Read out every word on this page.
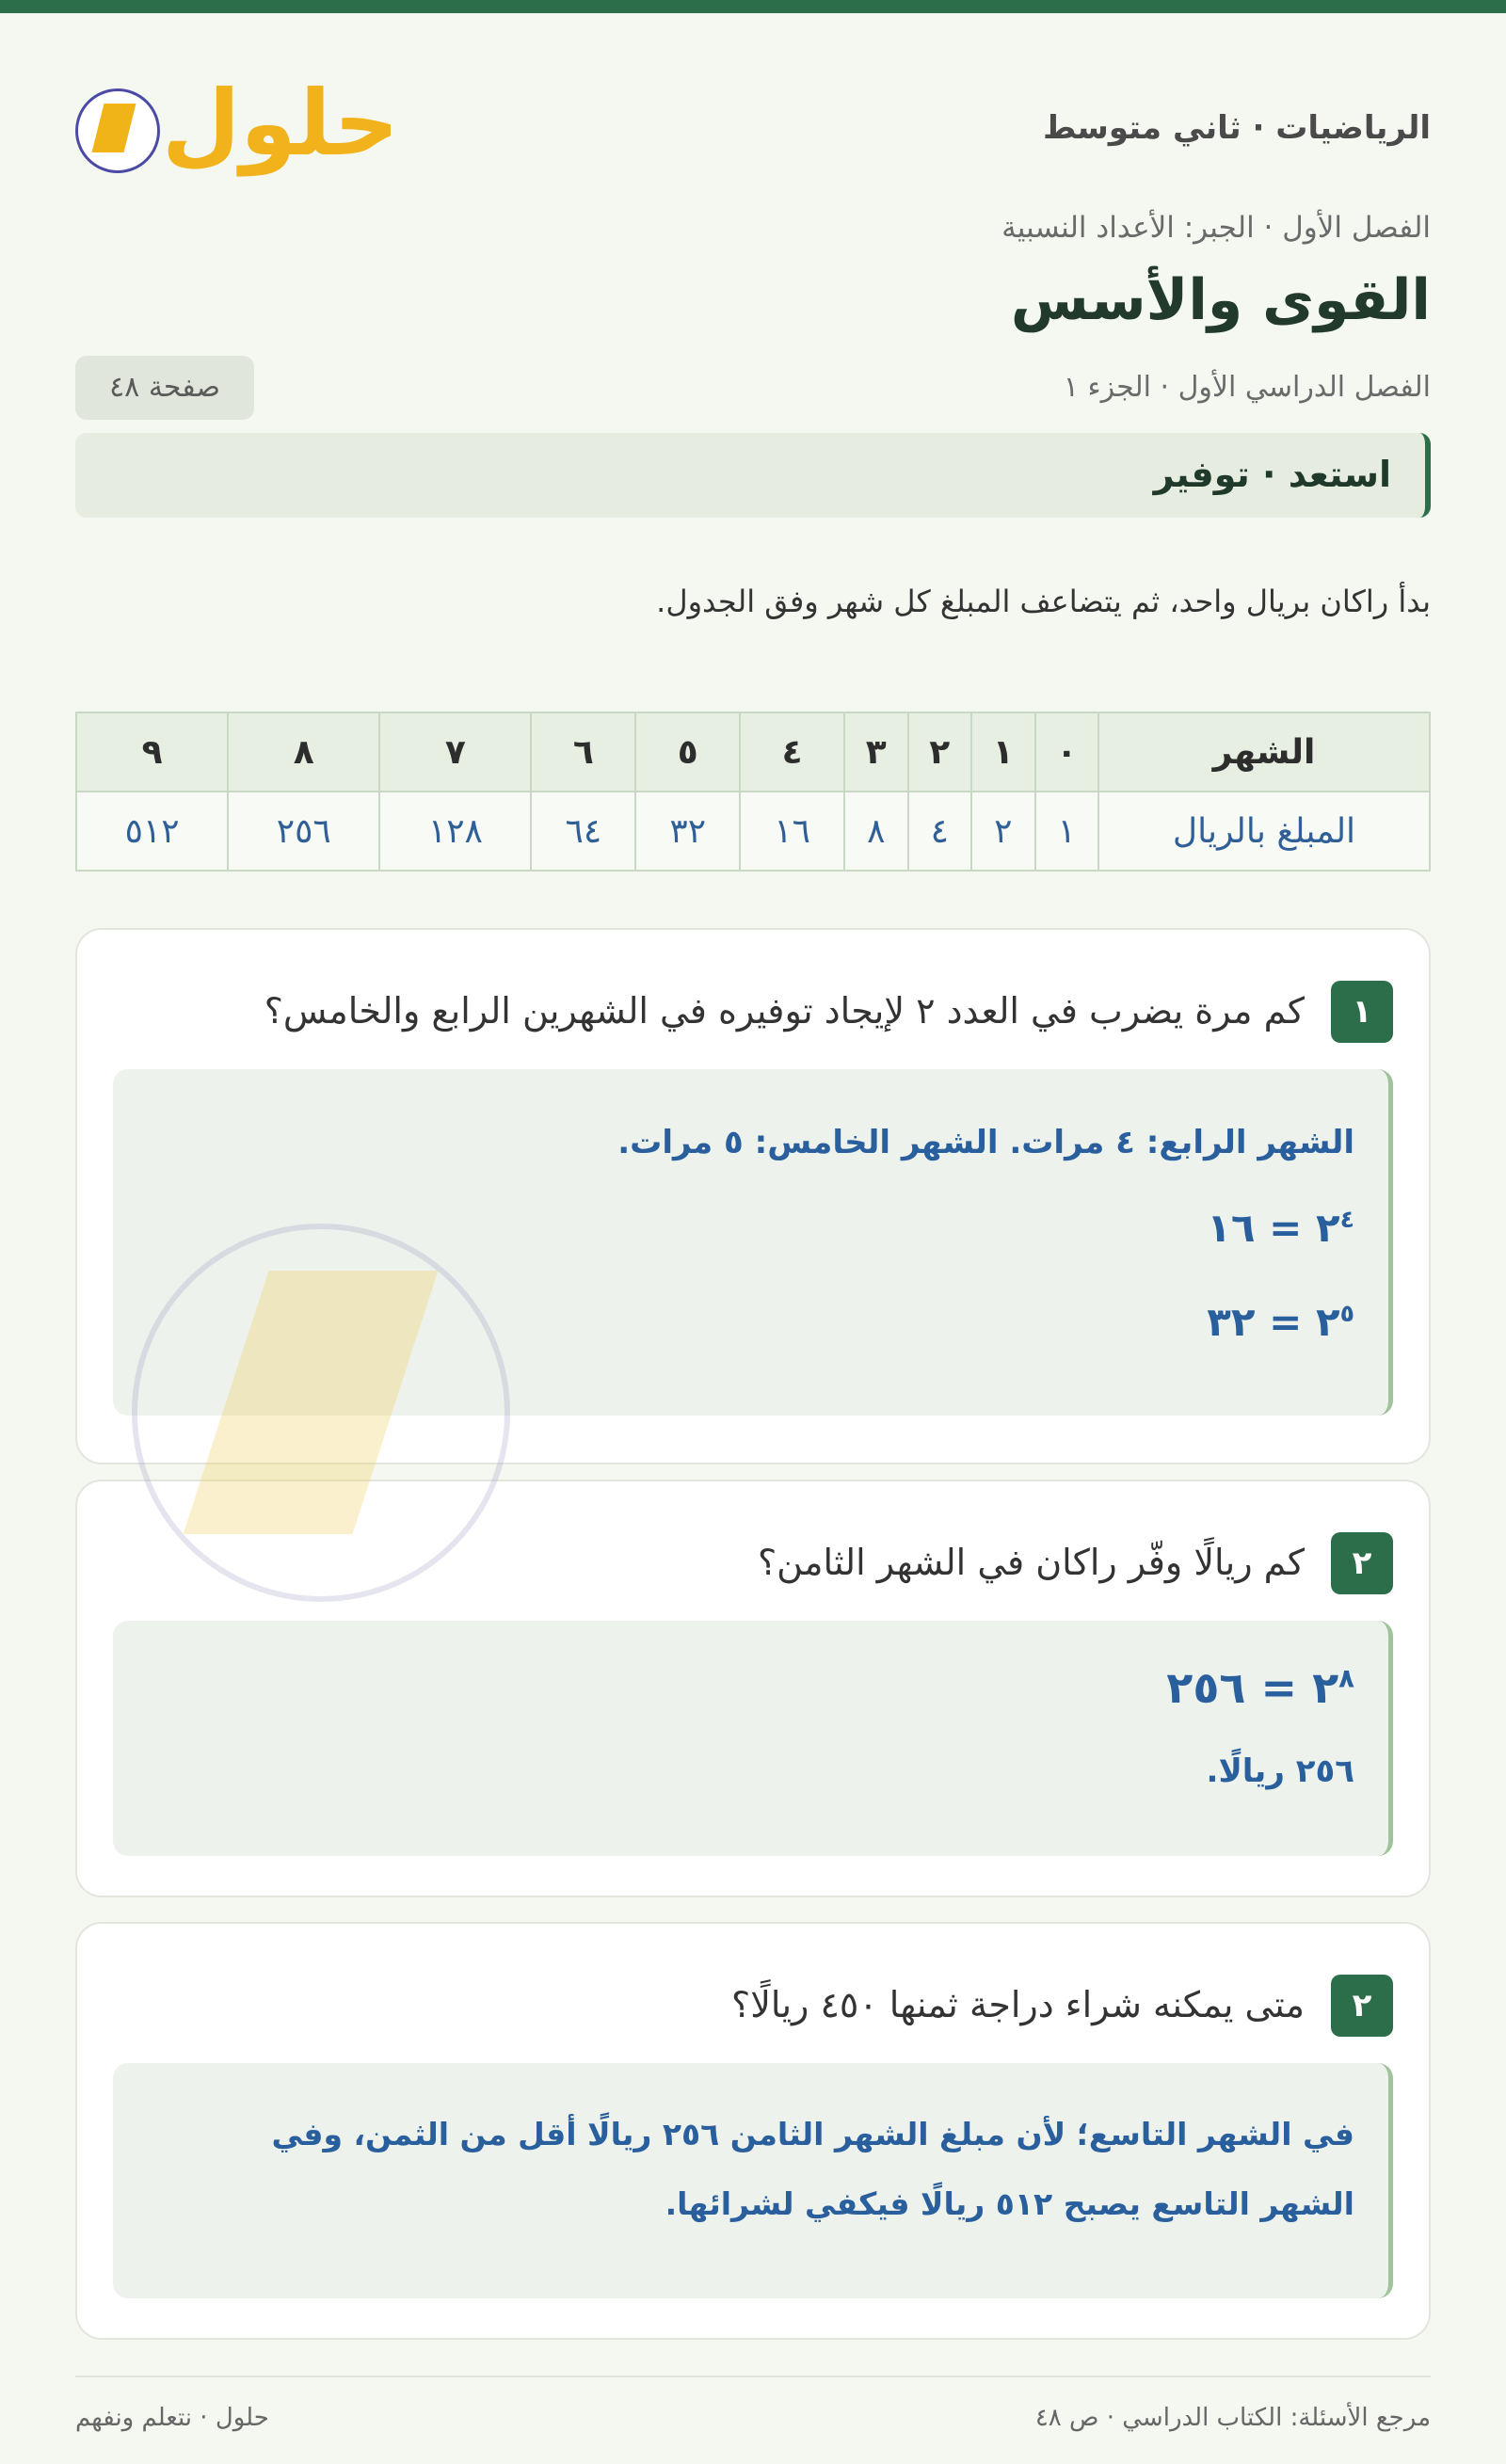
الرياضيات · ثاني متوسط
حلول
الفصل الأول · الجبر: الأعداد النسبية
القوى والأسس
الفصل الدراسي الأول · الجزء ١
صفحة ٤٨
استعد · توفير
بدأ راكان بريال واحد، ثم يتضاعف المبلغ كل شهر وفق الجدول.
الشهر	٠	١	٢	٣	٤	٥	٦	٧	٨	٩
المبلغ بالريال	١	٢	٤	٨	١٦	٣٢	٦٤	١٢٨	٢٥٦	٥١٢
١
كم مرة يضرب في العدد ٢ لإيجاد توفيره في الشهرين الرابع والخامس؟
الشهر الرابع: ٤ مرات. الشهر الخامس: ٥ مرات.
$٢^٤$ = ١٦
$٢^٥$ = ٣٢
٢
كم ريالًا وفّر راكان في الشهر الثامن؟
$٢^٨$ = ٢٥٦
٢٥٦ ريالًا.
٢
متى يمكنه شراء دراجة ثمنها ٤٥٠ ريالًا؟
في الشهر التاسع؛ لأن مبلغ الشهر الثامن ٢٥٦ ريالًا أقل من الثمن، وفي
الشهر التاسع يصبح ٥١٢ ريالًا فيكفي لشرائها.
مرجع الأسئلة: الكتاب الدراسي · ص ٤٨
حلول · نتعلم ونفهم
